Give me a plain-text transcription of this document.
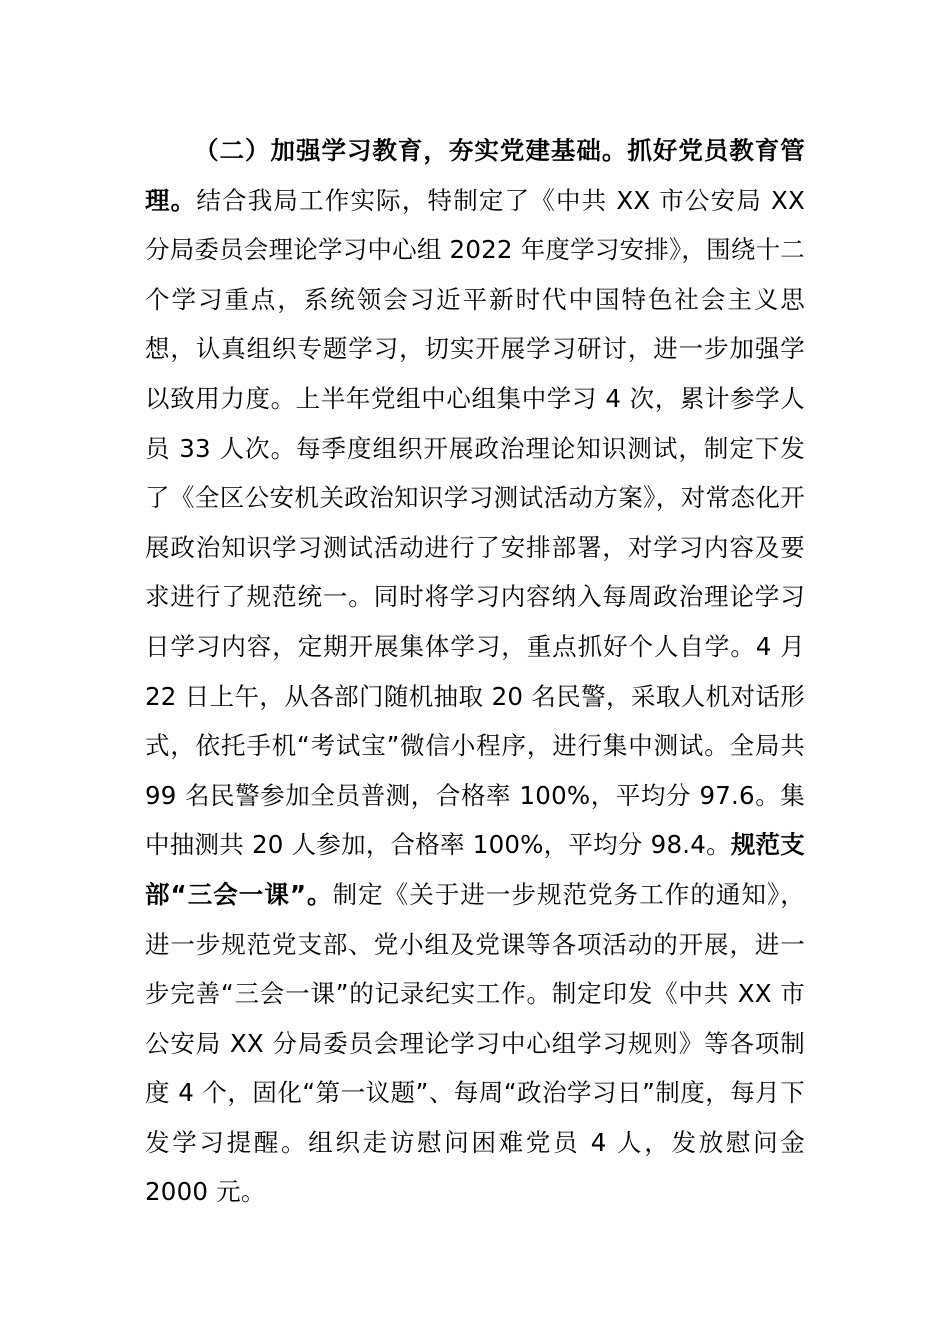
（二）加强学习教育，夯实党建基础。抓好党员教育管理。结合我局工作实际，特制定了《中共 XX 市公安局 XX 分局委员会理论学习中心组 2022 年度学习安排》，围绕十二个学习重点，系统领会习近平新时代中国特色社会主义思想，认真组织专题学习，切实开展学习研讨，进一步加强学以致用力度。上半年党组中心组集中学习 4 次，累计参学人员 33 人次。每季度组织开展政治理论知识测试，制定下发了《全区公安机关政治知识学习测试活动方案》，对常态化开展政治知识学习测试活动进行了安排部署，对学习内容及要求进行了规范统一。同时将学习内容纳入每周政治理论学习日学习内容，定期开展集体学习，重点抓好个人自学。4 月 22 日上午，从各部门随机抽取 20 名民警，采取人机对话形式，依托手机“考试宝”微信小程序，进行集中测试。全局共 99 名民警参加全员普测，合格率 100%，平均分 97.6。集中抽测共 20 人参加，合格率 100%，平均分 98.4。规范支部“三会一课”。制定《关于进一步规范党务工作的通知》，进一步规范党支部、党小组及党课等各项活动的开展，进一步完善“三会一课”的记录纪实工作。制定印发《中共 XX 市公安局 XX 分局委员会理论学习中心组学习规则》等各项制度 4 个，固化“第一议题”、每周“政治学习日”制度，每月下发学习提醒。组织走访慰问困难党员 4 人，发放慰问金 2000 元。
